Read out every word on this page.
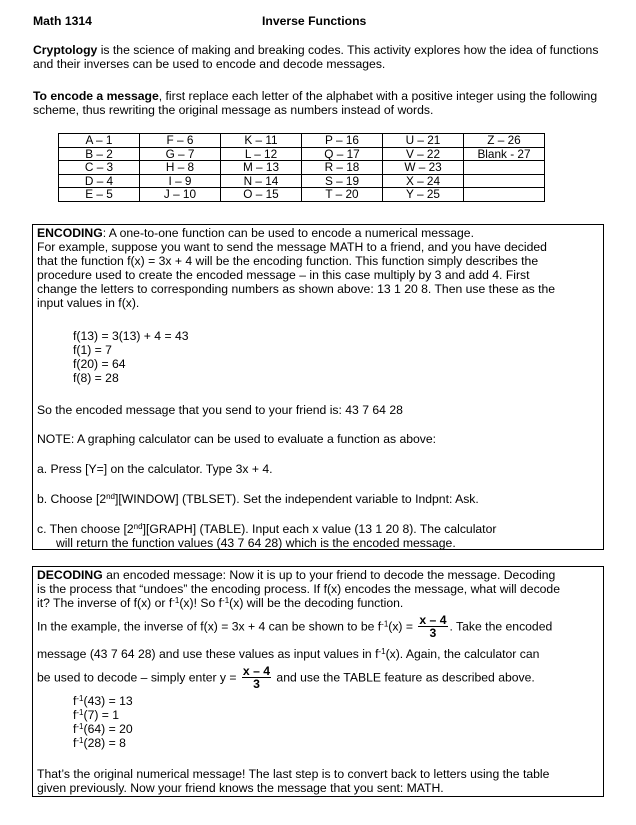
Math 1314	Inverse Functions
Cryptology is the science of making and breaking codes. This activity explores how the idea of functions and their inverses can be used to encode and decode messages.
To encode a message, first replace each letter of the alphabet with a positive integer using the following scheme, thus rewriting the original message as numbers instead of words.
A – 1	F – 6	K – 11	P – 16	U – 21	Z – 26
B – 2	G – 7	L – 12	Q – 17	V – 22	Blank - 27
C – 3	H – 8	M – 13	R – 18	W – 23	
D – 4	I – 9	N – 14	S – 19	X – 24	
E – 5	J – 10	O – 15	T – 20	Y – 25	
ENCODING: A one-to-one function can be used to encode a numerical message.
For example, suppose you want to send the message MATH to a friend, and you have decided
that the function f(x) = 3x + 4 will be the encoding function. This function simply describes the
procedure used to create the encoded message – in this case multiply by 3 and add 4. First
change the letters to corresponding numbers as shown above: 13 1 20 8. Then use these as the
input values in f(x).
f(13) = 3(13) + 4 = 43
f(1) = 7
f(20) = 64
f(8) = 28
So the encoded message that you send to your friend is: 43 7 64 28
NOTE: A graphing calculator can be used to evaluate a function as above:
a. Press [Y=] on the calculator. Type 3x + 4.
b. Choose [2nd][WINDOW] (TBLSET). Set the independent variable to Indpnt: Ask.
c. Then choose [2nd][GRAPH] (TABLE). Input each x value (13 1 20 8). The calculator
will return the function values (43 7 64 28) which is the encoded message.
DECODING an encoded message: Now it is up to your friend to decode the message. Decoding
is the process that “undoes” the encoding process. If f(x) encodes the message, what will decode
it? The inverse of f(x) or $f^{-1}(x)$! So $f^{-1}(x)$ will be the decoding function.
In the example, the inverse of f(x) = 3x + 4 can be shown to be $f^{-1}(x) = \frac{x - 4}{3}$ . Take the encoded
message (43 7 64 28) and use these values as input values in $f^{-1}(x)$. Again, the calculator can
be used to decode – simply enter $y = \frac{x - 4}{3}$ and use the TABLE feature as described above.
$f^{-1}(43) = 13$
$f^{-1}(7) = 1$
$f^{-1}(64) = 20$
$f^{-1}(28) = 8$
That’s the original numerical message! The last step is to convert back to letters using the table
given previously. Now your friend knows the message that you sent: MATH.
